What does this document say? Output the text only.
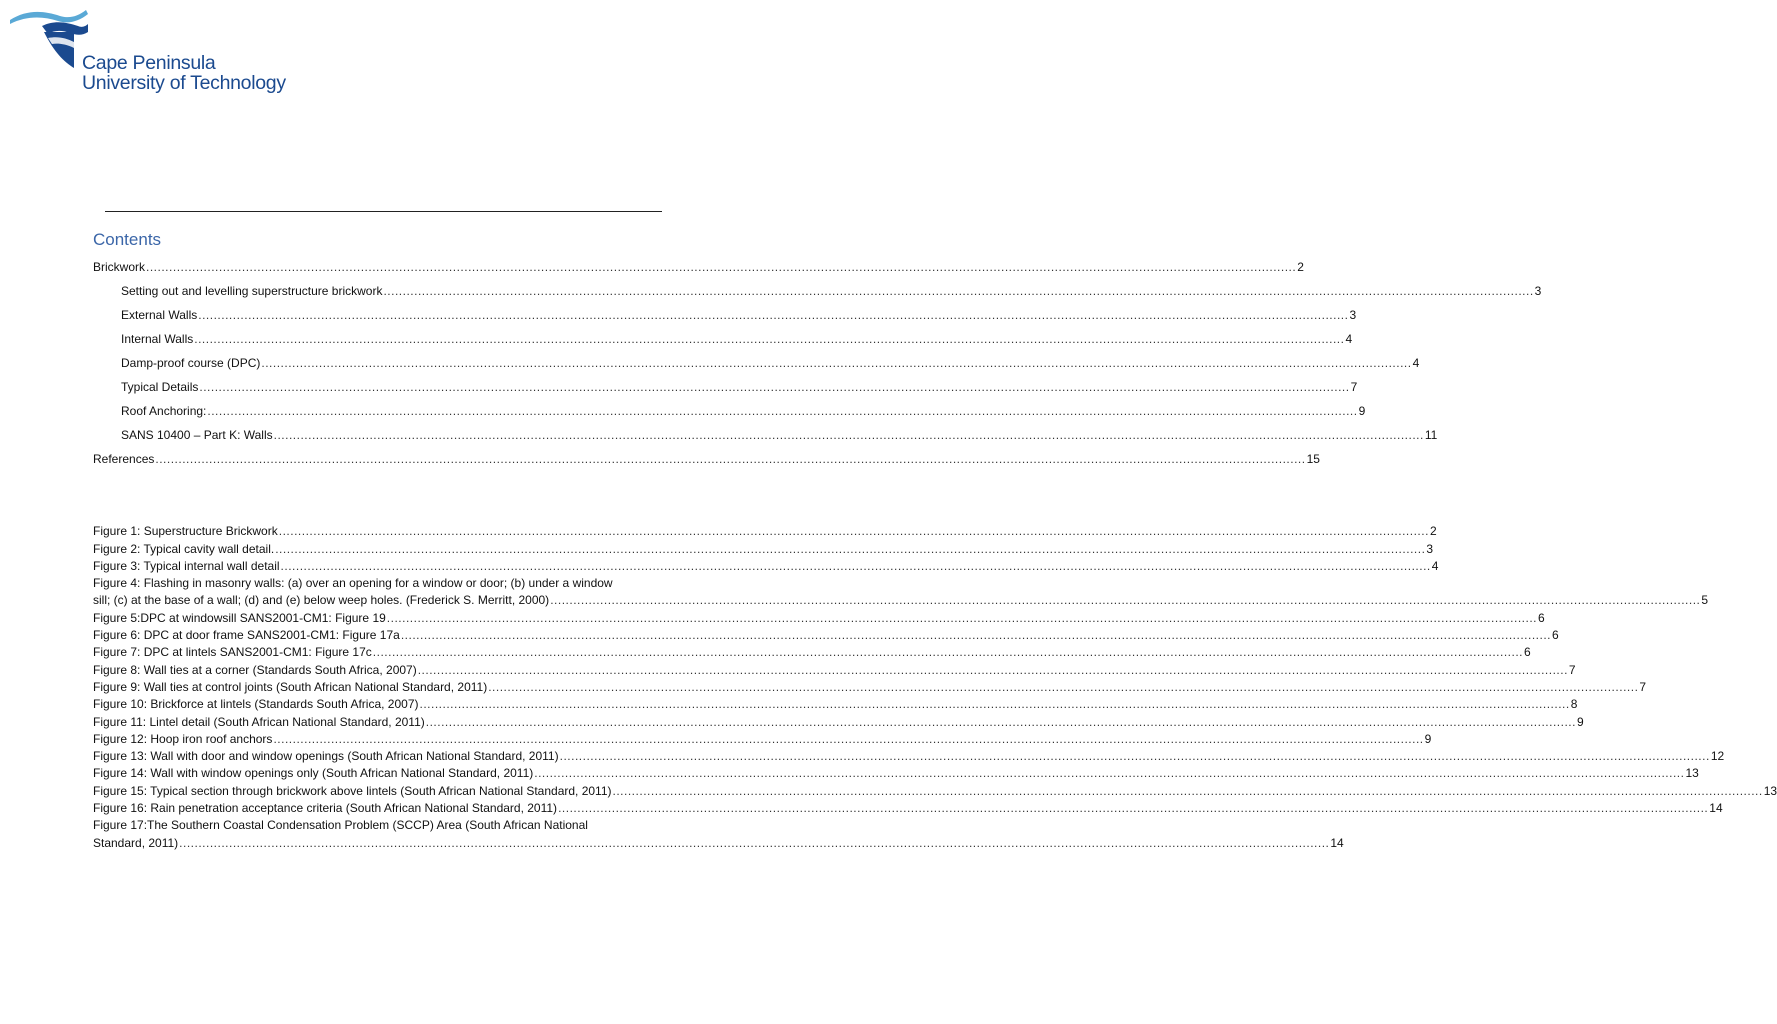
Cape Peninsula
University of Technology
Contents
Brickwork ............................................................................................................................................................................................................................................................................................................ 2
Setting out and levelling superstructure brickwork ............................................................................................................................................................................................................................................................................................................ 3
External Walls ............................................................................................................................................................................................................................................................................................................ 3
Internal Walls ............................................................................................................................................................................................................................................................................................................ 4
Damp-proof course (DPC) ............................................................................................................................................................................................................................................................................................................ 4
Typical Details ............................................................................................................................................................................................................................................................................................................ 7
Roof Anchoring: ............................................................................................................................................................................................................................................................................................................ 9
SANS 10400 – Part K: Walls ............................................................................................................................................................................................................................................................................................................ 11
References ............................................................................................................................................................................................................................................................................................................ 15
Figure 1: Superstructure Brickwork ............................................................................................................................................................................................................................................................................................................ 2
Figure 2: Typical cavity wall detail. ............................................................................................................................................................................................................................................................................................................ 3
Figure 3: Typical internal wall detail ............................................................................................................................................................................................................................................................................................................ 4
Figure 4: Flashing in masonry walls: (a) over an opening for a window or door; (b) under a window
sill; (c) at the base of a wall; (d) and (e) below weep holes. (Frederick S. Merritt, 2000) ............................................................................................................................................................................................................................................................................................................ 5
Figure 5:DPC at windowsill SANS2001-CM1: Figure 19 ............................................................................................................................................................................................................................................................................................................ 6
Figure 6: DPC at door frame SANS2001-CM1: Figure 17a ............................................................................................................................................................................................................................................................................................................ 6
Figure 7: DPC at lintels SANS2001-CM1: Figure 17c ............................................................................................................................................................................................................................................................................................................ 6
Figure 8: Wall ties at a corner (Standards South Africa, 2007) ............................................................................................................................................................................................................................................................................................................ 7
Figure 9: Wall ties at control joints (South African National Standard, 2011) ............................................................................................................................................................................................................................................................................................................ 7
Figure 10: Brickforce at lintels (Standards South Africa, 2007) ............................................................................................................................................................................................................................................................................................................ 8
Figure 11: Lintel detail (South African National Standard, 2011) ............................................................................................................................................................................................................................................................................................................ 9
Figure 12: Hoop iron roof anchors ............................................................................................................................................................................................................................................................................................................ 9
Figure 13: Wall with door and window openings (South African National Standard, 2011) ............................................................................................................................................................................................................................................................................................................ 12
Figure 14: Wall with window openings only (South African National Standard, 2011) ............................................................................................................................................................................................................................................................................................................ 13
Figure 15: Typical section through brickwork above lintels (South African National Standard, 2011) ............................................................................................................................................................................................................................................................................................................ 13
Figure 16: Rain penetration acceptance criteria (South African National Standard, 2011) ............................................................................................................................................................................................................................................................................................................ 14
Figure 17:The Southern Coastal Condensation Problem (SCCP) Area (South African National
Standard, 2011) ............................................................................................................................................................................................................................................................................................................ 14
